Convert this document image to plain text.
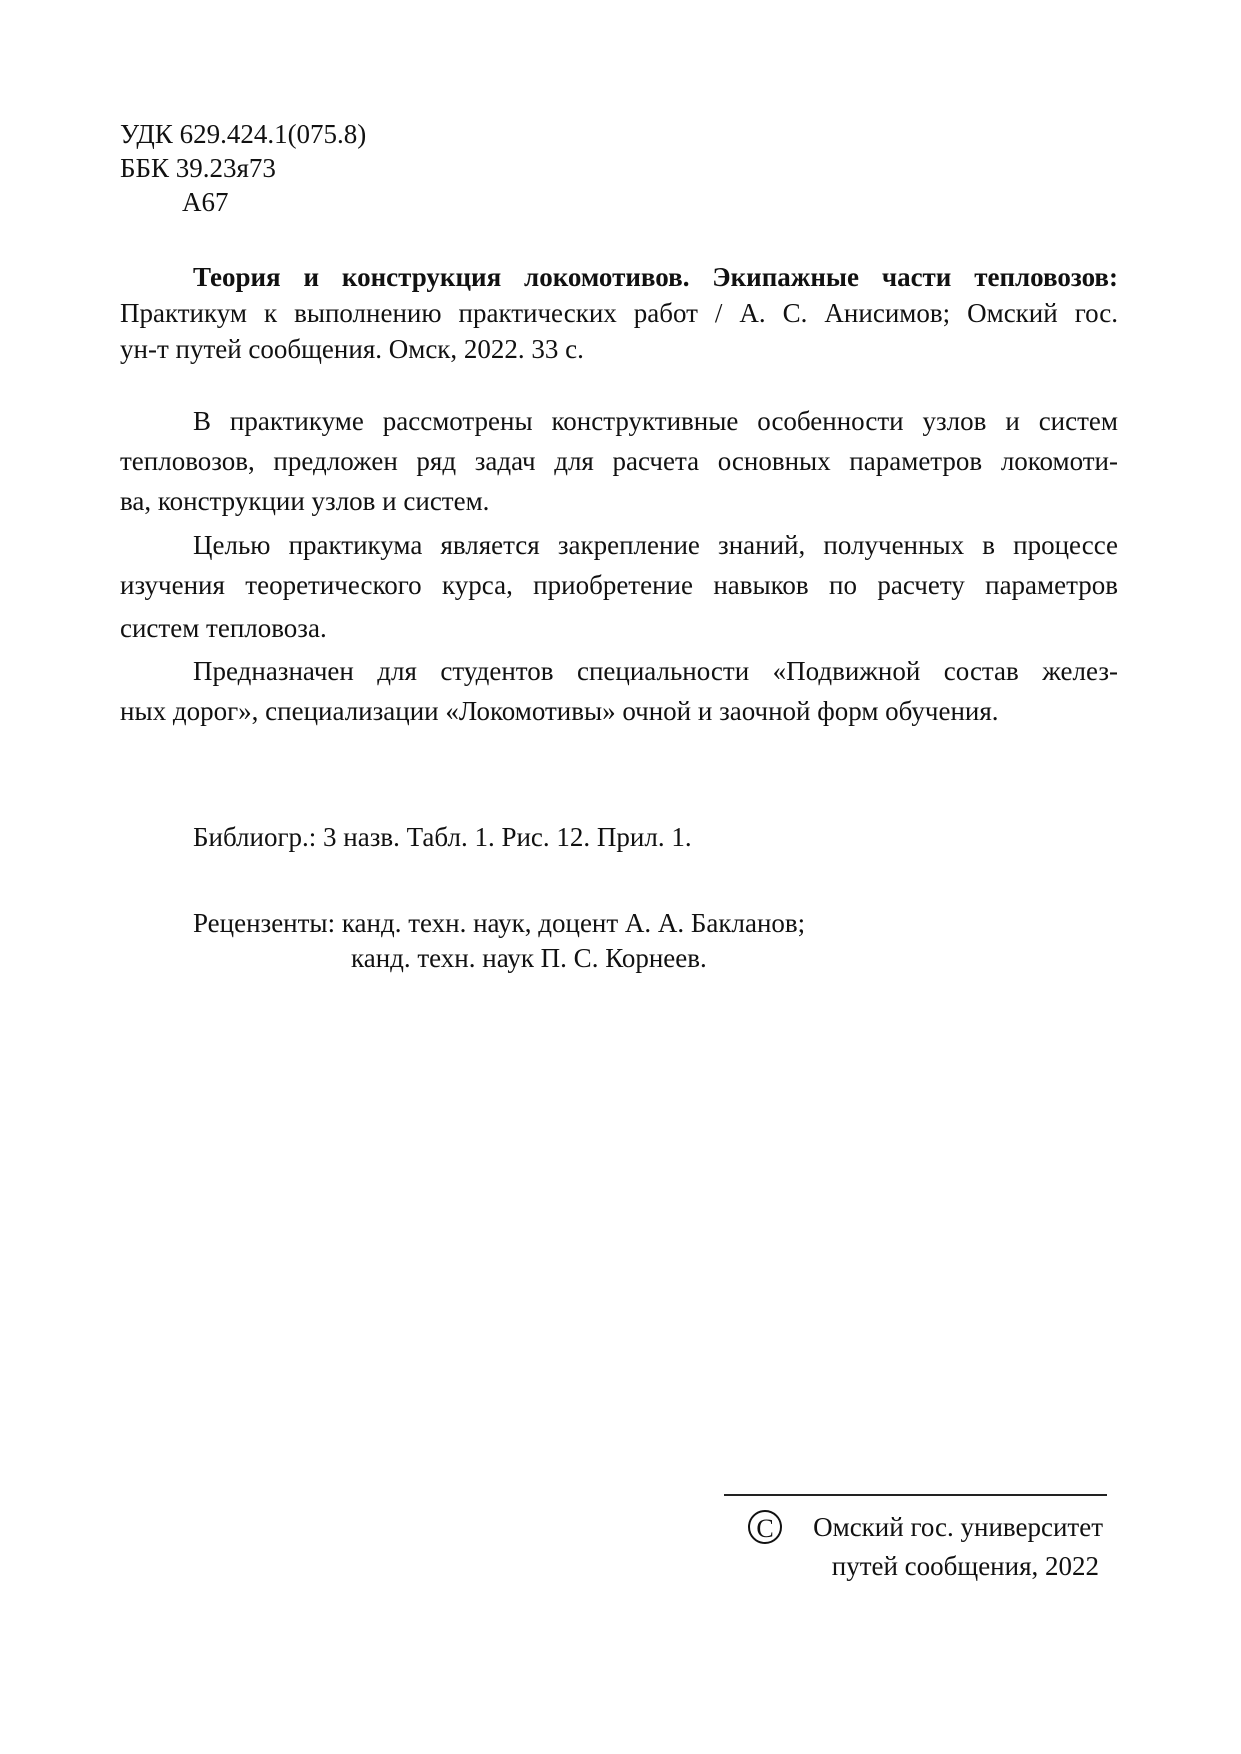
УДК 629.424.1(075.8)
ББК 39.23я73
А67
Теория и конструкция локомотивов. Экипажные части тепловозов:
Практикум к выполнению практических работ / А. С. Анисимов; Омский гос.
ун-т путей сообщения. Омск, 2022. 33 с.
В практикуме рассмотрены конструктивные особенности узлов и систем
тепловозов, предложен ряд задач для расчета основных параметров локомоти-
ва, конструкции узлов и систем.
Целью практикума является закрепление знаний, полученных в процессе
изучения теоретического курса, приобретение навыков по расчету параметров
систем тепловоза.
Предназначен для студентов специальности «Подвижной состав желез-
ных дорог», специализации «Локомотивы» очной и заочной форм обучения.
Библиогр.: 3 назв. Табл. 1. Рис. 12. Прил. 1.
Рецензенты: канд. техн. наук, доцент А. А. Бакланов;
канд. техн. наук П. С. Корнеев.
C	Омский гос. университет
путей сообщения, 2022
